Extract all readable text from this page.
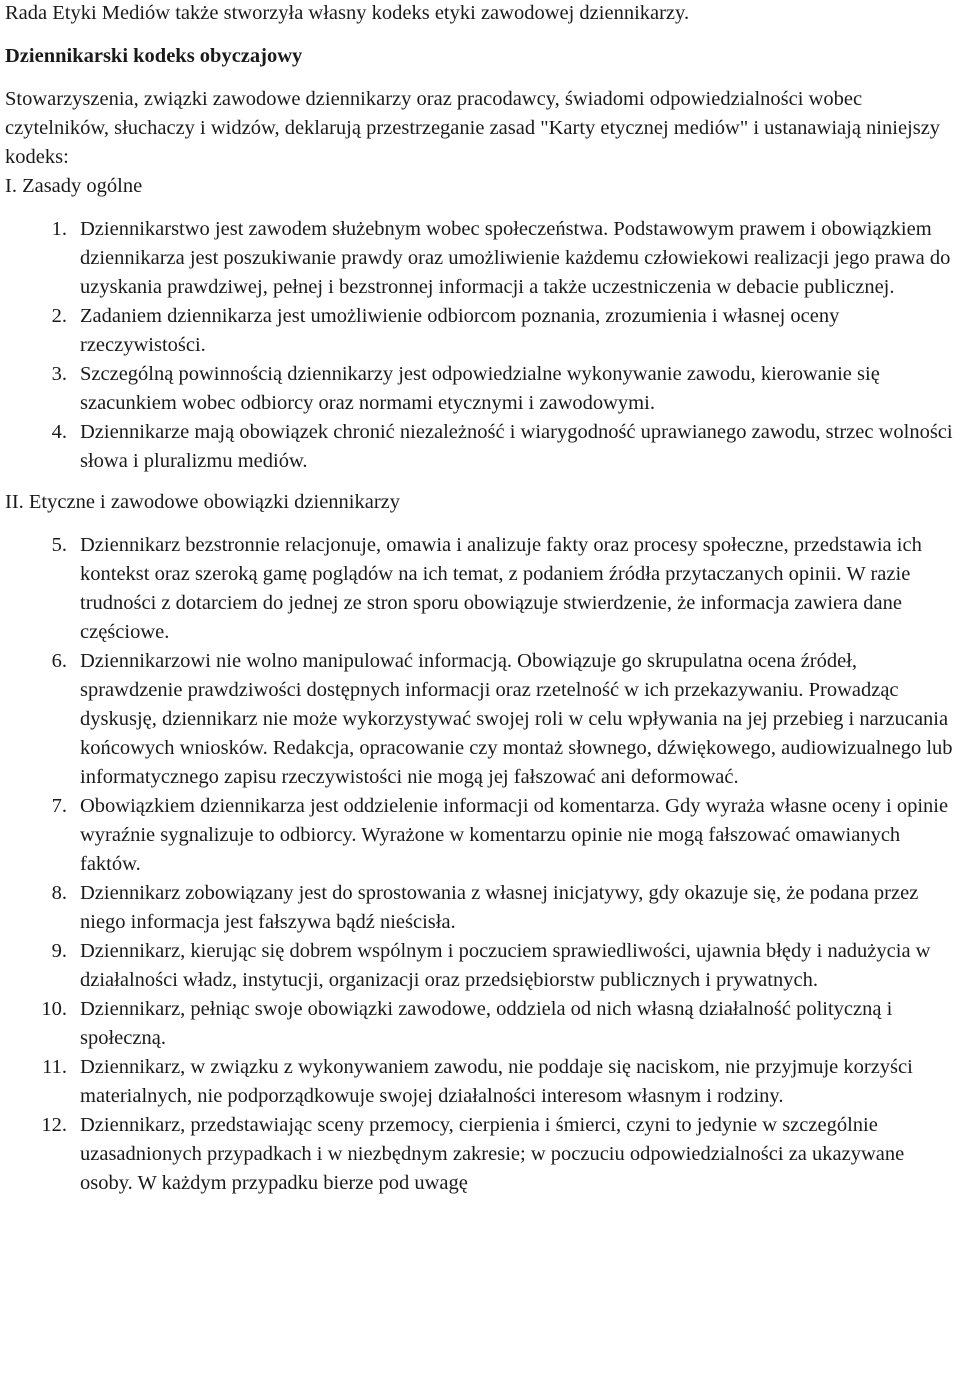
Rada Etyki Mediów także stworzyła własny kodeks etyki zawodowej dziennikarzy.

Dziennikarski kodeks obyczajowy

Stowarzyszenia, związki zawodowe dziennikarzy oraz pracodawcy, świadomi odpowiedzialności wobec czytelników, słuchaczy i widzów, deklarują przestrzeganie zasad "Karty etycznej mediów" i ustanawiają niniejszy kodeks:

I. Zasady ogólne

1. Dziennikarstwo jest zawodem służebnym wobec społeczeństwa. Podstawowym prawem i obowiązkiem dziennikarza jest poszukiwanie prawdy oraz umożliwienie każdemu człowiekowi realizacji jego prawa do uzyskania prawdziwej, pełnej i bezstronnej informacji a także uczestniczenia w debacie publicznej.
2. Zadaniem dziennikarza jest umożliwienie odbiorcom poznania, zrozumienia i własnej oceny rzeczywistości.
3. Szczególną powinnością dziennikarzy jest odpowiedzialne wykonywanie zawodu, kierowanie się szacunkiem wobec odbiorcy oraz normami etycznymi i zawodowymi.
4. Dziennikarze mają obowiązek chronić niezależność i wiarygodność uprawianego zawodu, strzec wolności słowa i pluralizmu mediów.

II. Etyczne i zawodowe obowiązki dziennikarzy

5. Dziennikarz bezstronnie relacjonuje, omawia i analizuje fakty oraz procesy społeczne, przedstawia ich kontekst oraz szeroką gamę poglądów na ich temat, z podaniem źródła przytaczanych opinii. W razie trudności z dotarciem do jednej ze stron sporu obowiązuje stwierdzenie, że informacja zawiera dane częściowe.
6. Dziennikarzowi nie wolno manipulować informacją. Obowiązuje go skrupulatna ocena źródeł, sprawdzenie prawdziwości dostępnych informacji oraz rzetelność w ich przekazywaniu. Prowadząc dyskusję, dziennikarz nie może wykorzystywać swojej roli w celu wpływania na jej przebieg i narzucania końcowych wniosków. Redakcja, opracowanie czy montaż słownego, dźwiękowego, audiowizualnego lub informatycznego zapisu rzeczywistości nie mogą jej fałszować ani deformować.
7. Obowiązkiem dziennikarza jest oddzielenie informacji od komentarza. Gdy wyraża własne oceny i opinie wyraźnie sygnalizuje to odbiorcy. Wyrażone w komentarzu opinie nie mogą fałszować omawianych faktów.
8. Dziennikarz zobowiązany jest do sprostowania z własnej inicjatywy, gdy okazuje się, że podana przez niego informacja jest fałszywa bądź nieścisła.
9. Dziennikarz, kierując się dobrem wspólnym i poczuciem sprawiedliwości, ujawnia błędy i nadużycia w działalności władz, instytucji, organizacji oraz przedsiębiorstw publicznych i prywatnych.
10. Dziennikarz, pełniąc swoje obowiązki zawodowe, oddziela od nich własną działalność polityczną i społeczną.
11. Dziennikarz, w związku z wykonywaniem zawodu, nie poddaje się naciskom, nie przyjmuje korzyści materialnych, nie podporządkowuje swojej działalności interesom własnym i rodziny.
12. Dziennikarz, przedstawiając sceny przemocy, cierpienia i śmierci, czyni to jedynie w szczególnie uzasadnionych przypadkach i w niezbędnym zakresie; w poczuciu odpowiedzialności za ukazywane osoby. W każdym przypadku bierze pod uwagę
